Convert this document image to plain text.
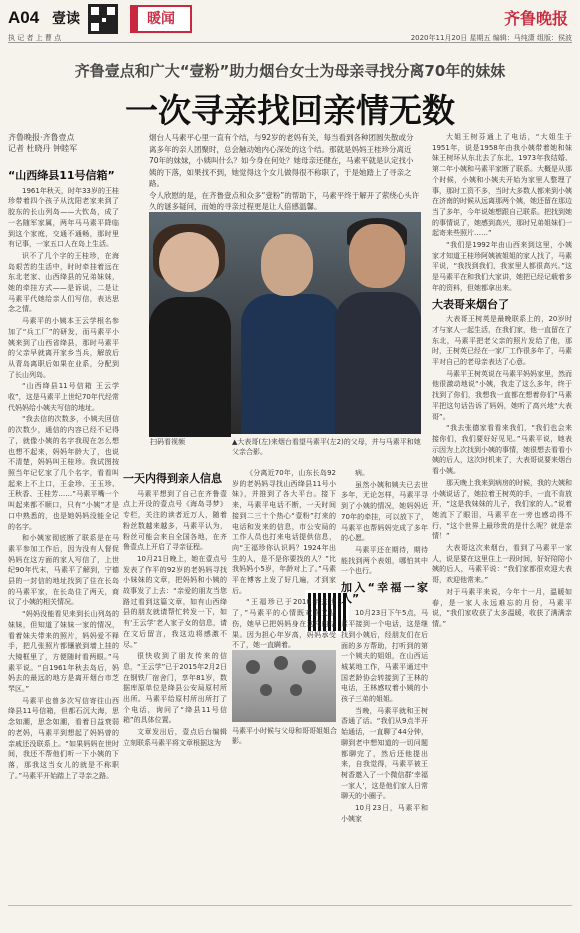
A04 壹读	暖闻	齐鲁晚报
执 记 者 上 曹 点	2020年11月20日 星期五 编辑：马纯潇 组版：侯波
齐鲁壹点和广大“壹粉”助力烟台女士为母亲寻找分离70年的妹妹
一次寻亲找回亲情无数
齐鲁晚报·齐鲁壹点
记者 杜晓丹 钟睦军
烟台人马素平心里一直有个结，与92岁的老妈有关，每当看到各种团圆失散或分离多年的亲人团聚时，总会触动她内心深处的这个结。那就是妈妈王桂珍分离近70年的妹妹，小姨叫什么？如今身在何处？她母亲还健在，马素平就是认定找小姨的下落，如果找不到，她觉得这个女儿做得很不称职了，于是她踏上了寻亲之路。
令人欣慰的是，在齐鲁壹点和众多“壹粉”的帮助下，马素平终于解开了萦绕心头许久的谜多疑问，而她的寻亲过程更是让人倍感温馨。
“山西绛县11号信箱”

1961年秋天，时年33岁的王桂珍带着四个孩子从沈阳老家来到了胶东的长山列岛——大钦岛，成了一名随军家属，两年马马素平降临到这个家庭，交通不通畅，那时里有记事，一家五口人在岛上生活。

识不了几个字的王桂珍，在海岛艰苦的生活中，时时牵挂着远在东北老家、山西绛县的兄弟妹妹，她的牵挂方式——是诉说，二是让马素平代她给亲人们写信，表达思念之情。

马素平的小姨本王云学根名参加了“兵工厂”的研发，而马素平小姨来到了山西省绛县，那时马素平的父亲早就离开家乡当兵，解放后从青岛离职后如果在业系，分配到了长山列岛。

“山西绛县11号信箱 王云学收”，这是马素平上世纪70年代经常代妈妈给小姨夫写信的地址。

“我去信的次数多，小姨夫回信的次数少，通信的内容已经不记得了，就像小姨的名字我现在怎么想也想不起来，妈妈年龄大了，也说不清楚，妈妈叫王桂珍。我试图按照当年记忆家了几个名字，看看叫起来上不上口，王金珍、王玉珍、王秋香、王桂芳……”马素平嘴一个叫起来都不顺口，只有“小姨”才是口中熟悉的，也是她妈妈没能全记的名字。

和小姨家彻底断了联系是在马素平参加工作后，因为没有人督促妈妈在这方面的家人写信了，上世纪90年代末，马素平了解到，宁德县的一封信的地址找到了住在长岛的马素平家，在长岛住了两天，商议了小姨的相关情况。

“妈妈没能看见来到长山列岛的妹妹，但知道了妹妹一家的情况，看着妹夫带来的照片，妈妈爱不释手，把几张照片都镶嵌到墙上挂的大镜框里了，方便随时看两眼。”马素平说。“自1961年秋去岛后，妈妈去的最远的地方是离开烟台市芝罘区。”

马素平也曾多次写信寄往山西绛县11号信箱，但都石沉大海，思念如潮，思念如潮，看着日益衰弱的老妈，马素平到想起了妈妈曾的亲戚还没联系上。“如果妈妈在世时间，我还不帮他们听一下小姨的下落，那我这当女儿的就是不称职了。”马素平开始踏上了寻亲之路。

扫码看视频	▲大表哥(左)来烟台看望马素平(左2)的父母，并与马素平和她父亲合影。
一天内得到亲人信息

马素平想到了自己在齐鲁壹点上开设的壹点号《海岛寻梦》专栏，关注的读者近万人，随着粉丝数越来越多，马素平认为，粉丝可能会来自全国各地，在齐鲁壹点上开启了寻亲征程。

10月21日晚上，她在壹点号发表了作平的92岁的老妈妈寻找小妹妹的文章，把妈妈和小姨的故事发了上去：“亲爱的朋友当您路过看到这篇文章，如有山西绛县的朋友就请帮忙转发一下，如有‘王云学’老人家子女的信息，请在文后留言，我这边将感激不尽。”

很快收到了朋友传来的信息，“王云学”已于2015年2月2日在钢铁厂宿舍门，享年81岁，数据库原单位是绛县公安局原村所出所。马素平给原村所出所打了个电话，询问了“绛县11号信箱”的具体位置。

文章发出后，壹点后台编辑立刻联系马素平将文章根据这为

《分离近70年，山东长岛92岁的老妈妈寻找山西绛县11号小妹》，并推到了各大平台。接下来，马素平电话不断，一天时间接到二三十个热心“壹粉”打来的电话和发来的信息，市公安局的工作人员也打来电话提供信息，向“王福珍你认识吗？1924年出生的人，是不是你要找的人？”比我妈妈小5岁，年龄对上了。”马素平在博客上发了好几遍，才到家后。

“王福珍已于2010年去世了，”马素平的心情既欢喜又悲伤，她早已把妈妈身在这样的结果。因为担心年岁高，妈妈承受不了，她一直瞒着。

马素平小时候与父母和哥哥姐姐合影。

病。

虽然小姨和姨夫已去世多年，无论怎样，马素平寻到了小姨的情况，她妈妈近70年的牵挂，可以放下了，马素平也帮妈妈完成了多年的心愿。

马素平还在期待，期待能找到两个表姐，哪怕其中一个也行。

加入“幸福一家人”

10月23日下午5点，马素平接到一个电话，这是继找到小姨后，经朋友们在后面的多方帮助，打听到的第一个姨夫的姐姐，在山西运城某地工作，马素平通过中国老龄协会转接到了王林的电话，王林感叹着小姨的小孩子三弟的姐姐。

当晚，马素平就和王树香通了话。“我们从9点半开始通话，一直聊了44分钟，聊到老中想知道的一切问题都聊完了，然后还他提出来，自我觉得，马素平被王树香邀入了一个微信群‘幸福一家人’，这是他们家人日常聊天的小圈子。

10月23日，马素平和小姨家

大姐王树芬通上了电话，“大姐生于1951年，说是1958年由我小姨带着她和妹妹王树环从东北去了东北，1973年我结婚、第二年小姨和马素平家断了联系。大概是从那个时候，小姨和小姨夫开始为家里人整理了事，那时工资不多，当时大多数人都来到小姨在济南的时候从远离那两个姨，她还留在那边当了多年，今年说她想跟自己联系。把找到她的事情说了，她感到高兴，那时兄弟姐妹们一起寄来些照片……”

“我们是1992年由山西来到这里，小姨家才知道王桂珍阿姨被姐姐的家人找了，马素平说，“我找到我们，我家里人都很高兴。”这是马素平在和我们大家讲，她把已经记载着多年的资料，但她都拿出来。

大表哥来烟台了

大表哥王树英是最晚联系上的，20岁时才与家人一起生活，在我们家，他一直留在了东北，马素平把老父亲的照片发给了他，那时，王树英已经在一家厂工作很多年了，马素平对自己的老母亲表达了心意。

马素平王树英说在马素平妈妈家里，然而他很激动地说“小姨，我走了这么多年，终于找到了你们，我想我一直都在想着你们”马素平把这句话告诉了妈妈，她听了高兴地“大表哥”。

“我去张德家看看来我们，“我们也会来接你们，我们要好好见见。”马素平说，她表示因为上次找到小姨的事情，她很想去看看小姨的后人，这次时机来了，大表哥说要来烟台看小姨。

那天晚上我来到病房的时候，我的大姨和小姨说话了，她拉着王树英的手，一直不肯放开，“这是我妹妹的儿子，我们家的人。”说着她流下了眼泪，马素平在一旁也感动得不行，“这个世界上最珍贵的是什么呢？就是亲情！”

大表哥这次来烟台，看到了马素平一家人，说是要在这里住上一段时间，好好陪陪小姨的后人，马素平说：“我们家都很欢迎大表哥，欢迎他常来。”

对于马素平来说，今年十一月，温暖如春，是一家人永远难忘的月份，马素平说，“我们家收获了太多温暖，收获了满满亲情。”
